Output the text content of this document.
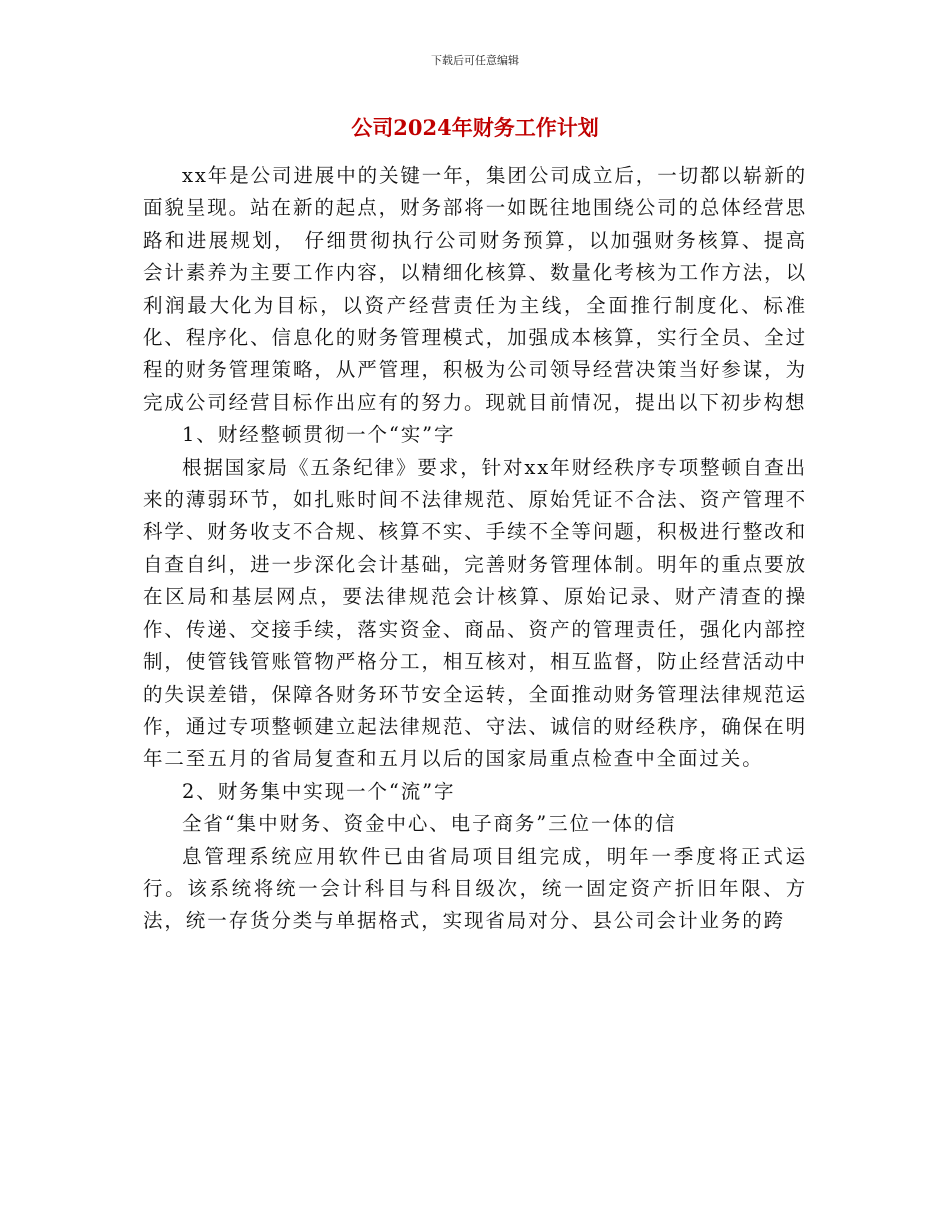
下载后可任意编辑
公司2024年财务工作计划

xx年是公司进展中的关键一年，集团公司成立后，一切都以崭新的面貌呈现。站在新的起点，财务部将一如既往地围绕公司的总体经营思路和进展规划， 仔细贯彻执行公司财务预算，以加强财务核算、提高会计素养为主要工作内容，以精细化核算、数量化考核为工作方法，以利润最大化为目标，以资产经营责任为主线，全面推行制度化、标准化、程序化、信息化的财务管理模式，加强成本核算，实行全员、全过程的财务管理策略，从严管理，积极为公司领导经营决策当好参谋，为完成公司经营目标作出应有的努力。现就目前情况，提出以下初步构想

1、财经整顿贯彻一个“实”字

根据国家局《五条纪律》要求，针对xx年财经秩序专项整顿自查出来的薄弱环节，如扎账时间不法律规范、原始凭证不合法、资产管理不科学、财务收支不合规、核算不实、手续不全等问题，积极进行整改和自查自纠，进一步深化会计基础，完善财务管理体制。明年的重点要放在区局和基层网点，要法律规范会计核算、原始记录、财产清查的操作、传递、交接手续，落实资金、商品、资产的管理责任，强化内部控制，使管钱管账管物严格分工，相互核对，相互监督，防止经营活动中的失误差错，保障各财务环节安全运转，全面推动财务管理法律规范运作，通过专项整顿建立起法律规范、守法、诚信的财经秩序，确保在明年二至五月的省局复查和五月以后的国家局重点检查中全面过关。

2、财务集中实现一个“流”字

全省“集中财务、资金中心、电子商务”三位一体的信

息管理系统应用软件已由省局项目组完成，明年一季度将正式运行。该系统将统一会计科目与科目级次，统一固定资产折旧年限、方法，统一存货分类与单据格式，实现省局对分、县公司会计业务的跨
